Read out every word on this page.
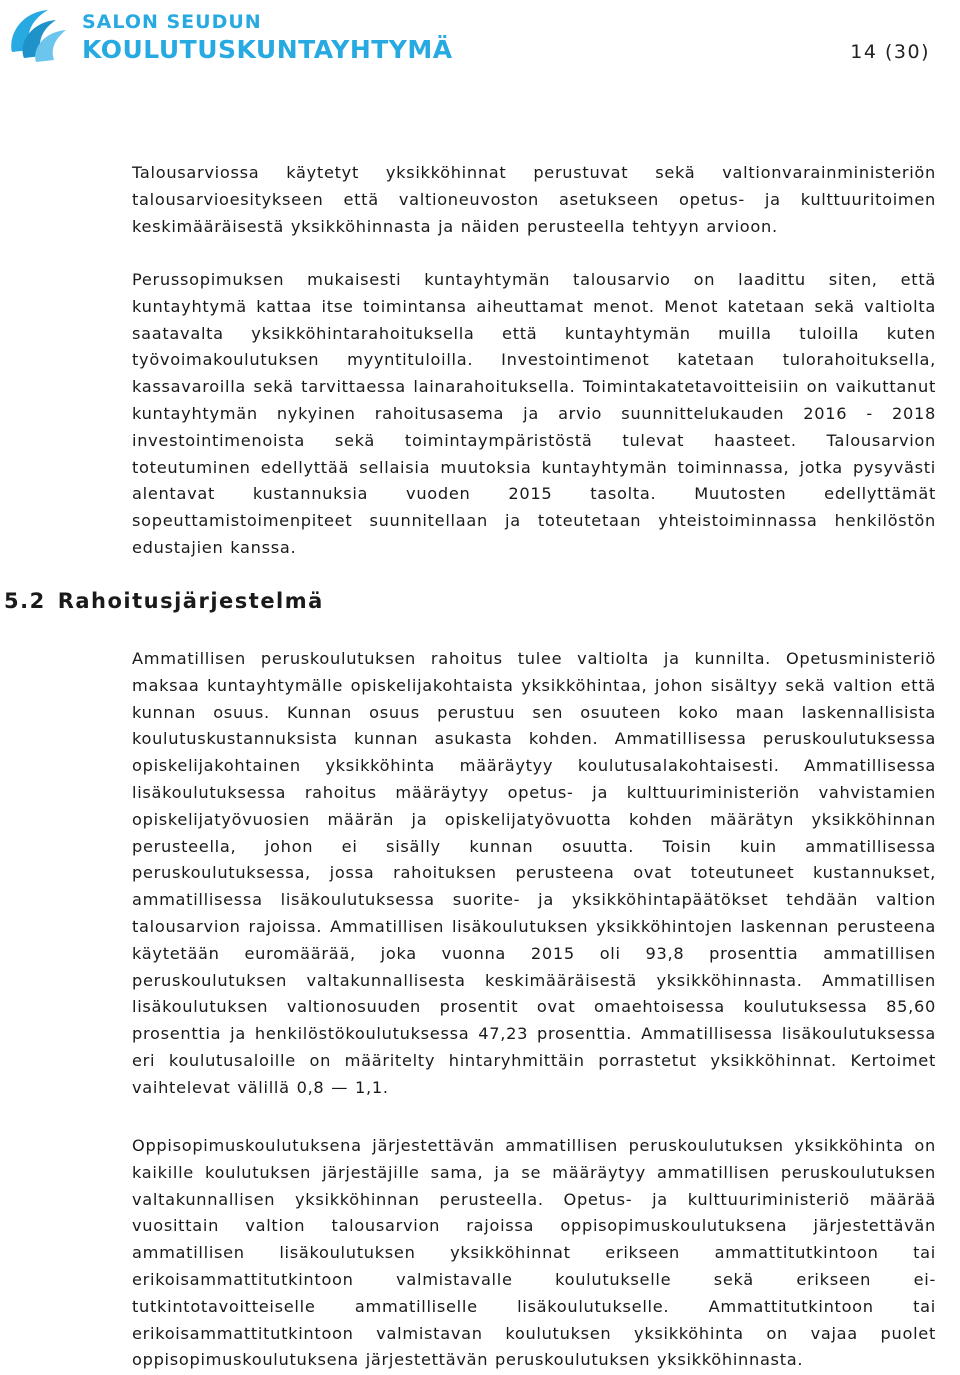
SALON SEUDUN
KOULUTUSKUNTAYHTYMÄ	14 (30)

Talousarviossa käytetyt yksikköhinnat perustuvat sekä valtionvarainministeriön talousarvioesitykseen että valtioneuvoston asetukseen opetus- ja kulttuuritoimen keskimääräisestä yksikköhinnasta ja näiden perusteella tehtyyn arvioon.

Perussopimuksen mukaisesti kuntayhtymän talousarvio on laadittu siten, että kuntayhtymä kattaa itse toimintansa aiheuttamat menot. Menot katetaan sekä valtiolta saatavalta yksikköhintarahoituksella että kuntayhtymän muilla tuloilla kuten työvoimakoulutuksen myyntituloilla. Investointimenot katetaan tulorahoituksella, kassavaroilla sekä tarvittaessa lainarahoituksella. Toimintakatetavoitteisiin on vaikuttanut kuntayhtymän nykyinen rahoitusasema ja arvio suunnittelukauden 2016 - 2018 investointimenoista sekä toimintaympäristöstä tulevat haasteet. Talousarvion toteutuminen edellyttää sellaisia muutoksia kuntayhtymän toiminnassa, jotka pysyvästi alentavat kustannuksia vuoden 2015 tasolta. Muutosten edellyttämät sopeuttamistoimenpiteet suunnitellaan ja toteutetaan yhteistoiminnassa henkilöstön edustajien kanssa.

5.2 Rahoitusjärjestelmä

Ammatillisen peruskoulutuksen rahoitus tulee valtiolta ja kunnilta. Opetusministeriö maksaa kuntayhtymälle opiskelijakohtaista yksikköhintaa, johon sisältyy sekä valtion että kunnan osuus. Kunnan osuus perustuu sen osuuteen koko maan laskennallisista koulutuskustannuksista kunnan asukasta kohden. Ammatillisessa peruskoulutuksessa opiskelijakohtainen yksikköhinta määräytyy koulutusalakohtaisesti. Ammatillisessa lisäkoulutuksessa rahoitus määräytyy opetus- ja kulttuuriministeriön vahvistamien opiskelijatyövuosien määrän ja opiskelijatyövuotta kohden määrätyn yksikköhinnan perusteella, johon ei sisälly kunnan osuutta. Toisin kuin ammatillisessa peruskoulutuksessa, jossa rahoituksen perusteena ovat toteutuneet kustannukset, ammatillisessa lisäkoulutuksessa suorite- ja yksikköhintapäätökset tehdään valtion talousarvion rajoissa. Ammatillisen lisäkoulutuksen yksikköhintojen laskennan perusteena käytetään euromäärää, joka vuonna 2015 oli 93,8 prosenttia ammatillisen peruskoulutuksen valtakunnallisesta keskimääräisestä yksikköhinnasta. Ammatillisen lisäkoulutuksen valtionosuuden prosentit ovat omaehtoisessa koulutuksessa 85,60 prosenttia ja henkilöstökoulutuksessa 47,23 prosenttia. Ammatillisessa lisäkoulutuksessa eri koulutusaloille on määritelty hintaryhmittäin porrastetut yksikköhinnat. Kertoimet vaihtelevat välillä 0,8 — 1,1.

Oppisopimuskoulutuksena järjestettävän ammatillisen peruskoulutuksen yksikköhinta on kaikille koulutuksen järjestäjille sama, ja se määräytyy ammatillisen peruskoulutuksen valtakunnallisen yksikköhinnan perusteella. Opetus- ja kulttuuriministeriö määrää vuosittain valtion talousarvion rajoissa oppisopimuskoulutuksena järjestettävän ammatillisen lisäkoulutuksen yksikköhinnat erikseen ammattitutkintoon tai erikoisammattitutkintoon valmistavalle koulutukselle sekä erikseen ei-tutkintotavoitteiselle ammatilliselle lisäkoulutukselle. Ammattitutkintoon tai erikoisammattitutkintoon valmistavan koulutuksen yksikköhinta on vajaa puolet oppisopimuskoulutuksena järjestettävän peruskoulutuksen yksikköhinnasta.
